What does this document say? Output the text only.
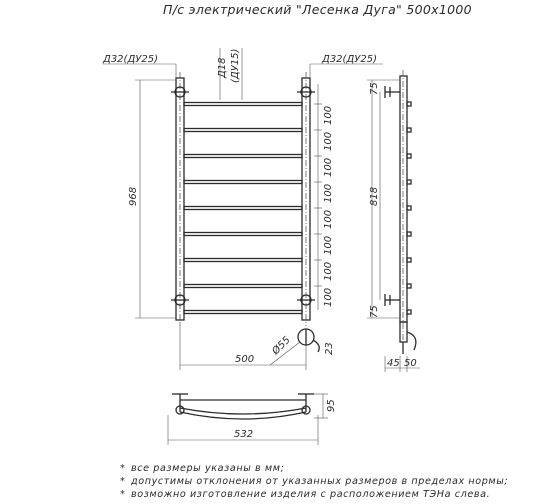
П/с электрический "Лесенка Дуга" 500х1000
Д32(ДУ25)	Д32(ДУ25)
Д18 (ДУ15)
968
100
100
100
100
100
100
100
100
23
Ø55
500
818
75
75
45 50
95
532
* все размеры указаны в мм;
* допустимы отклонения от указанных размеров в пределах нормы;
* возможно изготовление изделия с расположением ТЭНа слева.
